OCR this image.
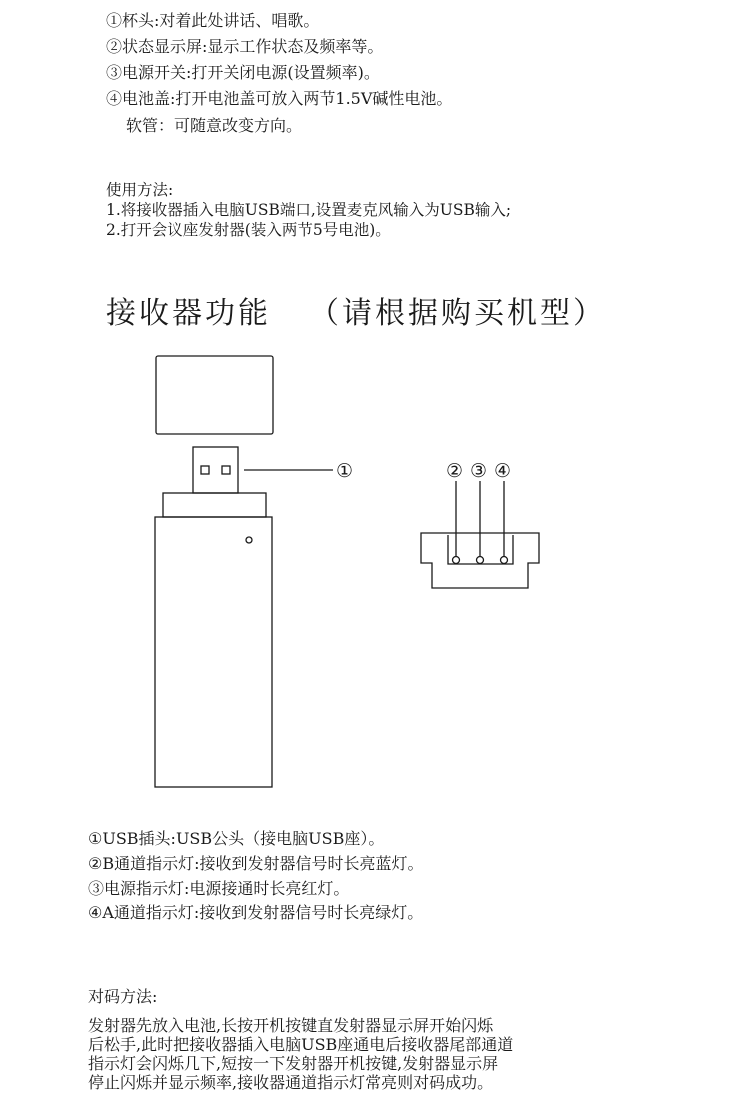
①杯头:对着此处讲话、唱歌。
②状态显示屏:显示工作状态及频率等。
③电源开关:打开关闭电源(设置频率)。
④电池盖:打开电池盖可放入两节1.5V碱性电池。
软管：可随意改变方向。
使用方法:
1.将接收器插入电脑USB端口,设置麦克风输入为USB输入;
2.打开会议座发射器(装入两节5号电池)。
接收器功能 （请根据购买机型）
①	② ③ ④
①USB插头:USB公头（接电脑USB座）。
②B通道指示灯:接收到发射器信号时长亮蓝灯。
③电源指示灯:电源接通时长亮红灯。
④A通道指示灯:接收到发射器信号时长亮绿灯。
对码方法:
发射器先放入电池,长按开机按键直发射器显示屏开始闪烁
后松手,此时把接收器插入电脑USB座通电后接收器尾部通道
指示灯会闪烁几下,短按一下发射器开机按键,发射器显示屏
停止闪烁并显示频率,接收器通道指示灯常亮则对码成功。
